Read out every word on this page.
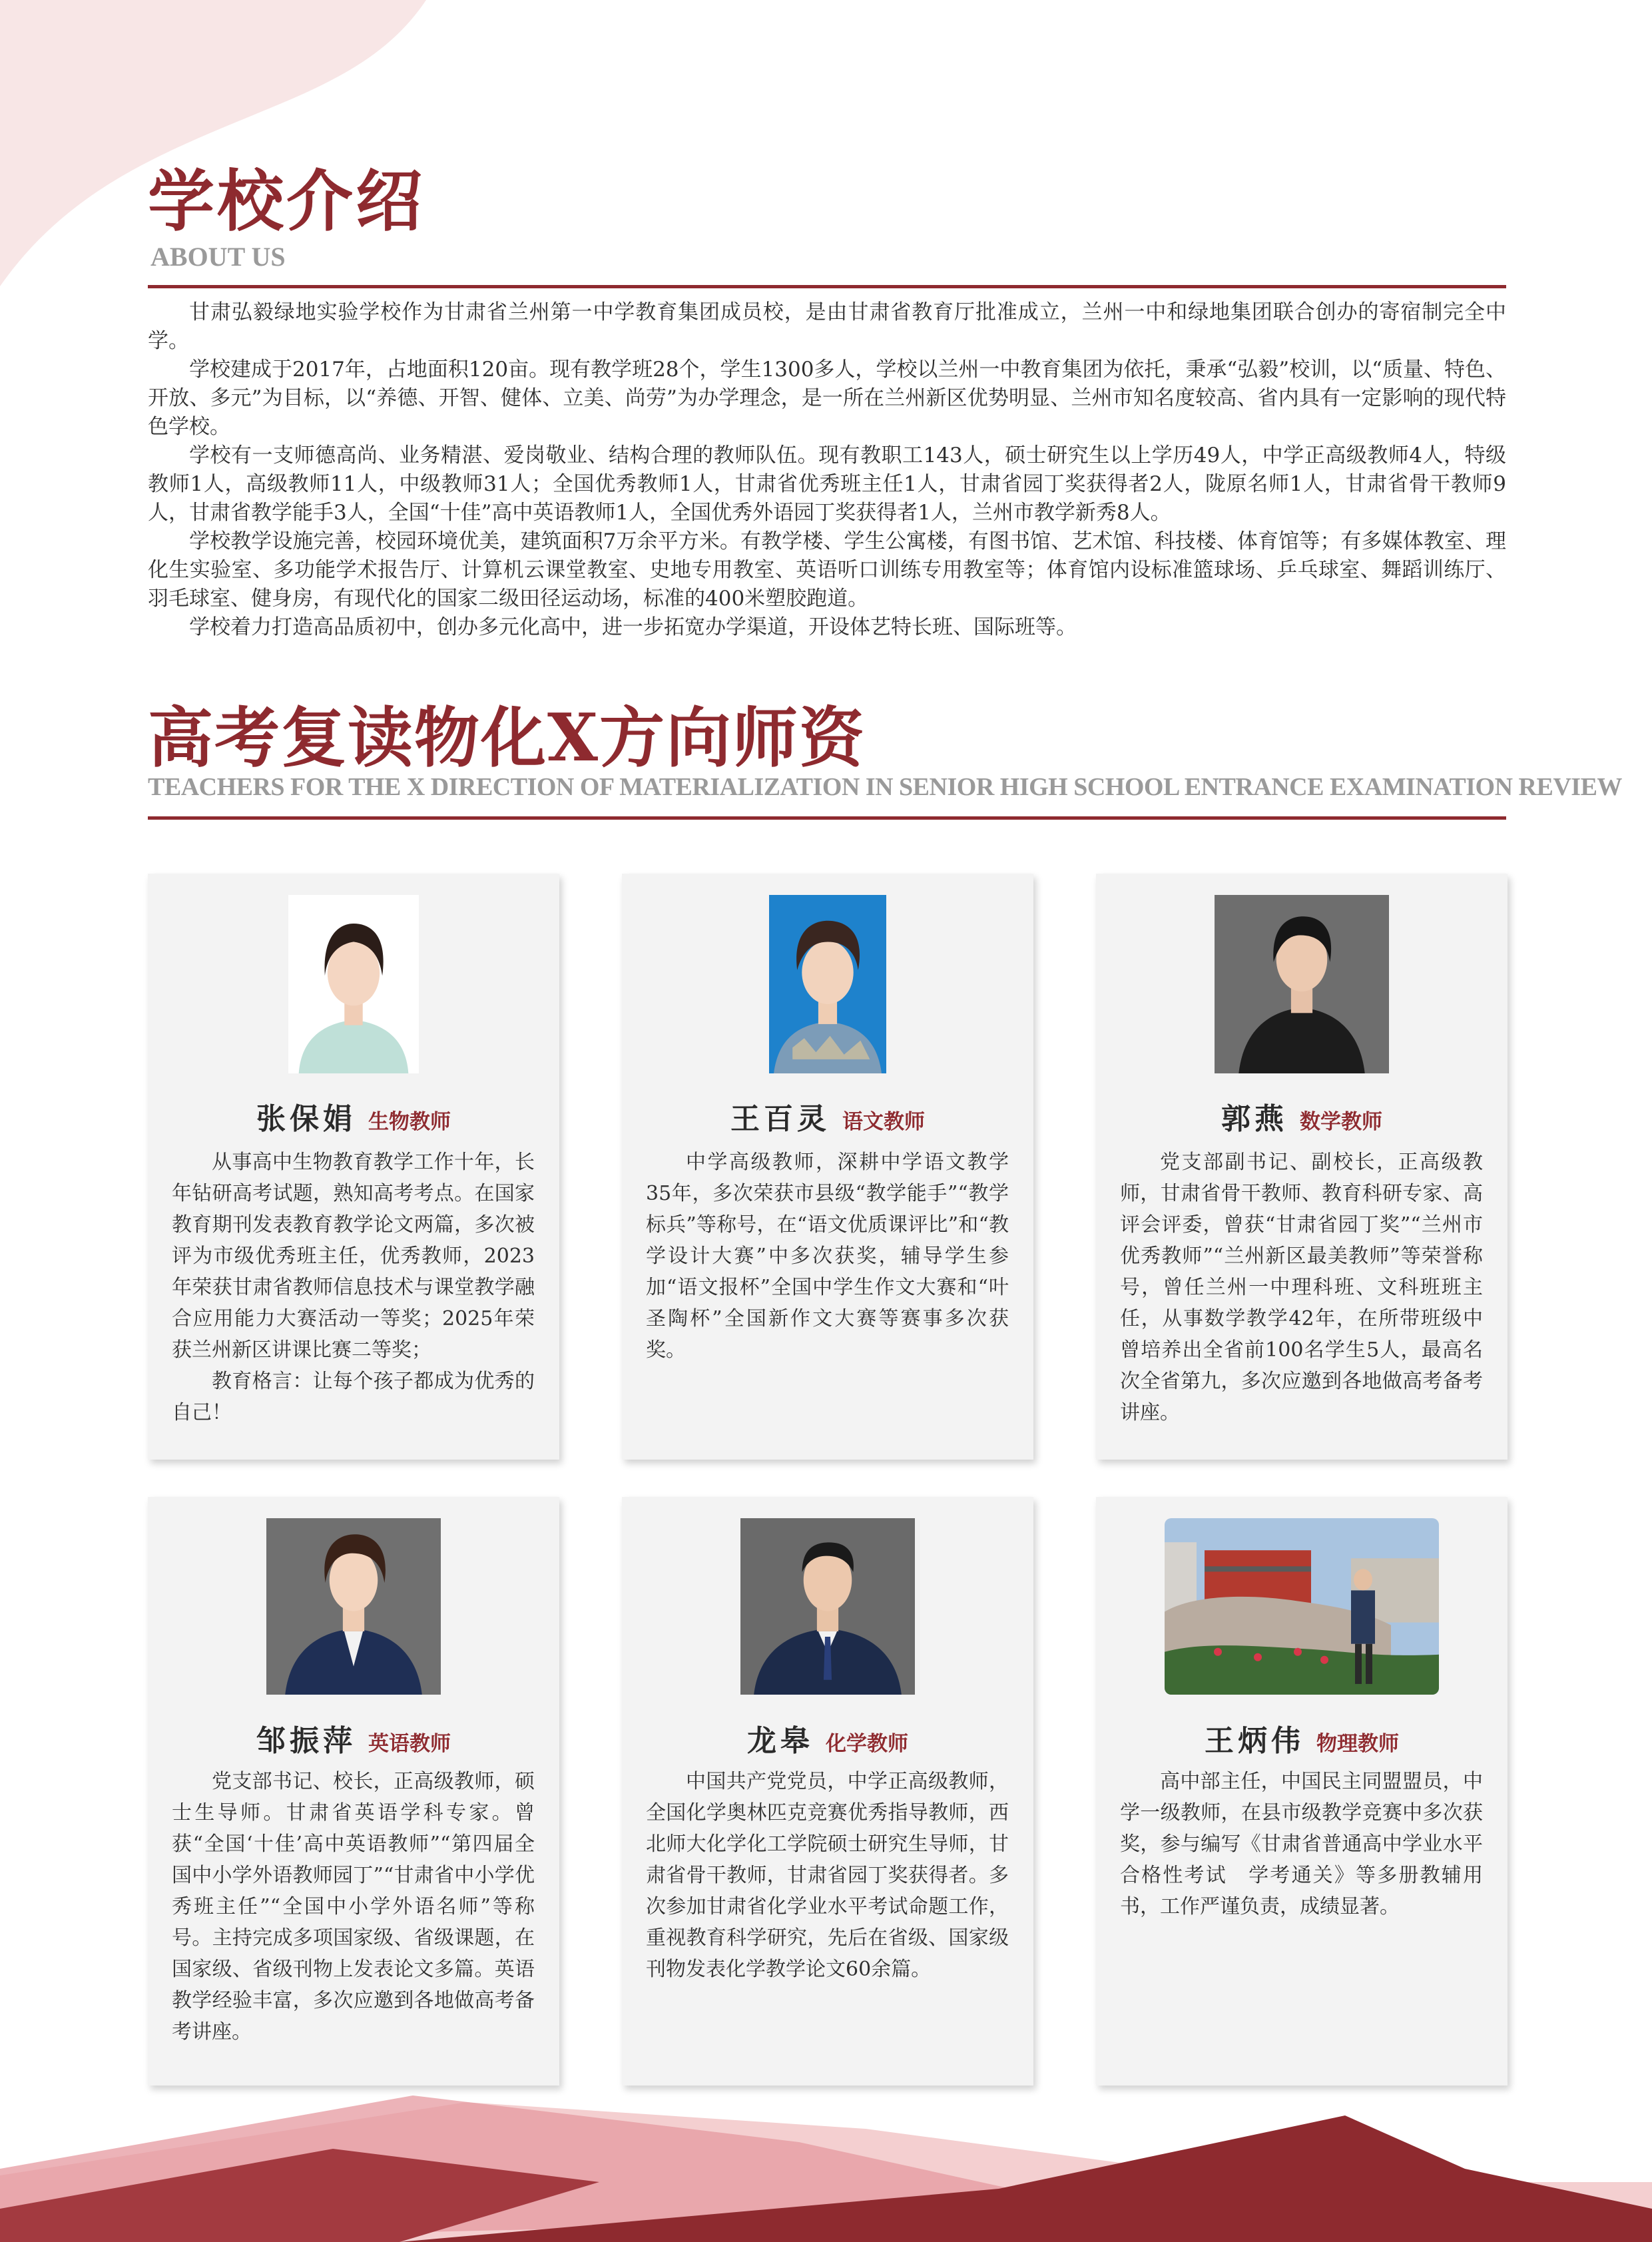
学校介绍
ABOUT US

甘肃弘毅绿地实验学校作为甘肃省兰州第一中学教育集团成员校，是由甘肃省教育厅批准成立，兰州一中和绿地集团联合创办的寄宿制完全中学。

学校建成于2017年，占地面积120亩。现有教学班28个，学生1300多人，学校以兰州一中教育集团为依托，秉承“弘毅”校训，以“质量、特色、开放、多元”为目标，以“养德、开智、健体、立美、尚劳”为办学理念，是一所在兰州新区优势明显、兰州市知名度较高、省内具有一定影响的现代特色学校。

学校有一支师德高尚、业务精湛、爱岗敬业、结构合理的教师队伍。现有教职工143人，硕士研究生以上学历49人，中学正高级教师4人，特级教师1人，高级教师11人，中级教师31人；全国优秀教师1人，甘肃省优秀班主任1人，甘肃省园丁奖获得者2人，陇原名师1人，甘肃省骨干教师9人，甘肃省教学能手3人，全国“十佳”高中英语教师1人，全国优秀外语园丁奖获得者1人，兰州市教学新秀8人。

学校教学设施完善，校园环境优美，建筑面积7万余平方米。有教学楼、学生公寓楼，有图书馆、艺术馆、科技楼、体育馆等；有多媒体教室、理化生实验室、多功能学术报告厅、计算机云课堂教室、史地专用教室、英语听口训练专用教室等；体育馆内设标准篮球场、乒乓球室、舞蹈训练厅、羽毛球室、健身房，有现代化的国家二级田径运动场，标准的400米塑胶跑道。

学校着力打造高品质初中，创办多元化高中，进一步拓宽办学渠道，开设体艺特长班、国际班等。

高考复读物化X方向师资
TEACHERS FOR THE X DIRECTION OF MATERIALIZATION IN SENIOR HIGH SCHOOL ENTRANCE EXAMINATION REVIEW
张保娟 生物教师

从事高中生物教育教学工作十年，长年钻研高考试题，熟知高考考点。在国家教育期刊发表教育教学论文两篇，多次被评为市级优秀班主任，优秀教师，2023年荣获甘肃省教师信息技术与课堂教学融合应用能力大赛活动一等奖；2025年荣获兰州新区讲课比赛二等奖；

教育格言：让每个孩子都成为优秀的自己！

王百灵 语文教师

中学高级教师，深耕中学语文教学35年，多次荣获市县级“教学能手”“教学标兵”等称号，在“语文优质课评比”和“教学设计大赛”中多次获奖，辅导学生参加“语文报杯”全国中学生作文大赛和“叶圣陶杯”全国新作文大赛等赛事多次获奖。

郭燕 数学教师

党支部副书记、副校长，正高级教师，甘肃省骨干教师、教育科研专家、高评会评委，曾获“甘肃省园丁奖”“兰州市优秀教师”“兰州新区最美教师”等荣誉称号，曾任兰州一中理科班、文科班班主任，从事数学教学42年，在所带班级中曾培养出全省前100名学生5人，最高名次全省第九，多次应邀到各地做高考备考讲座。

邹振萍 英语教师

党支部书记、校长，正高级教师，硕士生导师。甘肃省英语学科专家。曾获“全国‘十佳’高中英语教师”“第四届全国中小学外语教师园丁”“甘肃省中小学优秀班主任”“全国中小学外语名师”等称号。主持完成多项国家级、省级课题，在国家级、省级刊物上发表论文多篇。英语教学经验丰富，多次应邀到各地做高考备考讲座。

龙皋 化学教师

中国共产党党员，中学正高级教师，全国化学奥林匹克竞赛优秀指导教师，西北师大化学化工学院硕士研究生导师，甘肃省骨干教师，甘肃省园丁奖获得者。多次参加甘肃省化学业水平考试命题工作，重视教育科学研究，先后在省级、国家级刊物发表化学教学论文60余篇。

王炳伟 物理教师

高中部主任，中国民主同盟盟员，中学一级教师，在县市级教学竞赛中多次获奖，参与编写《甘肃省普通高中学业水平合格性考试　学考通关》等多册教辅用书，工作严谨负责，成绩显著。
